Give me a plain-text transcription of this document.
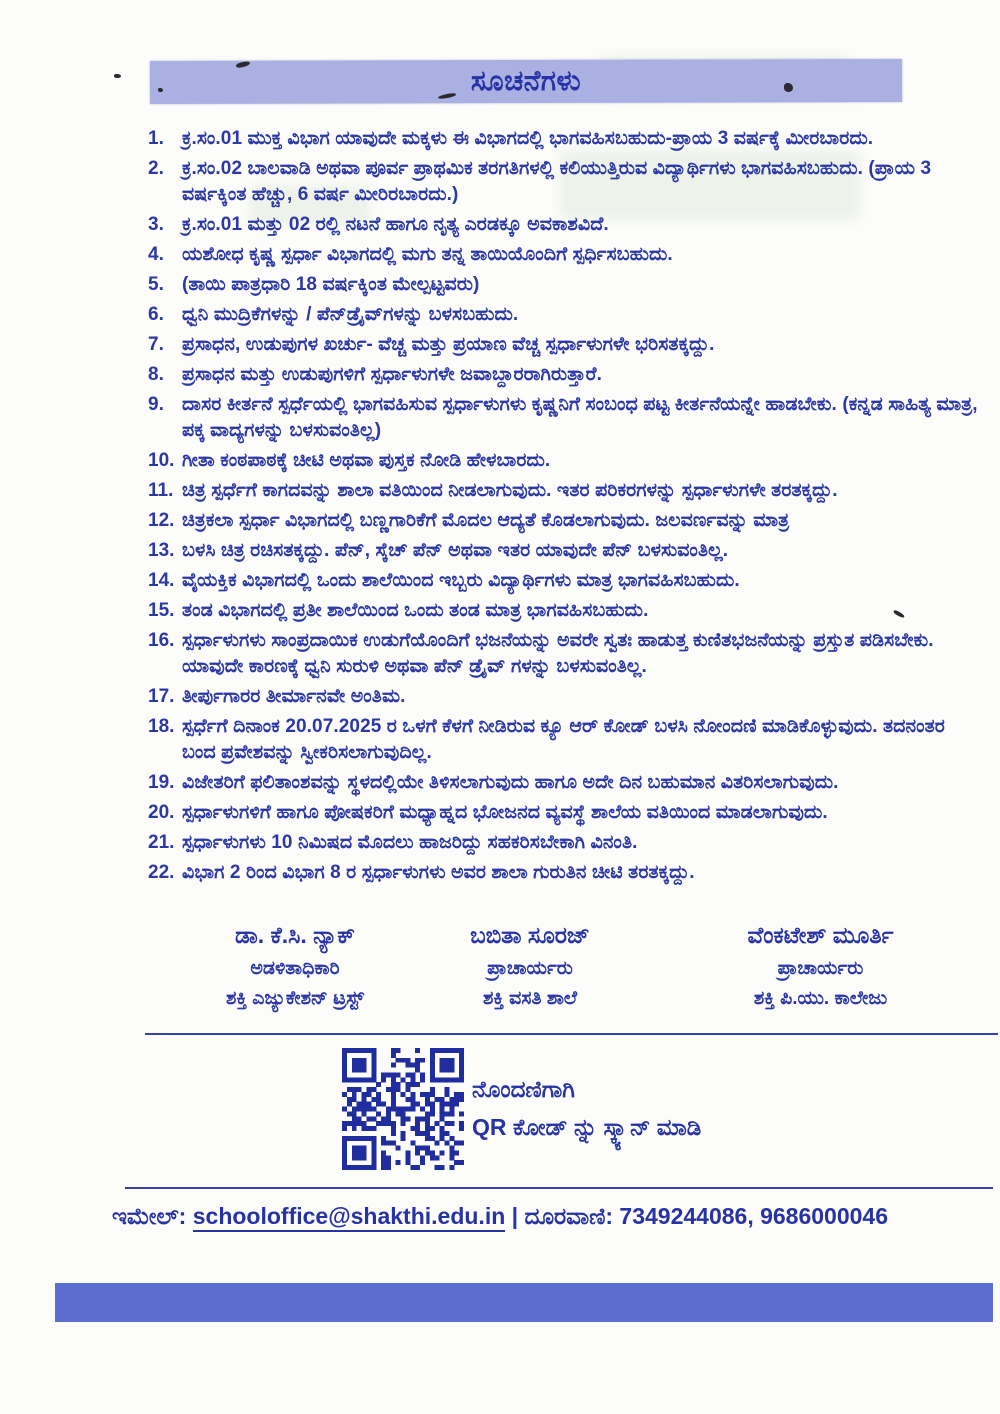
ಸೂಚನೆಗಳು
1. ಕ್ರ.ಸಂ.01 ಮುಕ್ತ ವಿಭಾಗ ಯಾವುದೇ ಮಕ್ಕಳು ಈ ವಿಭಾಗದಲ್ಲಿ ಭಾಗವಹಿಸಬಹುದು-ಪ್ರಾಯ 3 ವರ್ಷಕ್ಕೆ ಮೀರಬಾರದು.
2. ಕ್ರ.ಸಂ.02 ಬಾಲವಾಡಿ ಅಥವಾ ಪೂರ್ವ ಪ್ರಾಥಮಿಕ ತರಗತಿಗಳಲ್ಲಿ ಕಲಿಯುತ್ತಿರುವ ವಿದ್ಯಾರ್ಥಿಗಳು ಭಾಗವಹಿಸಬಹುದು. (ಪ್ರಾಯ 3 ವರ್ಷಕ್ಕಿಂತ ಹೆಚ್ಚು, 6 ವರ್ಷ ಮೀರಿರಬಾರದು.)
3. ಕ್ರ.ಸಂ.01 ಮತ್ತು 02 ರಲ್ಲಿ ನಟನೆ ಹಾಗೂ ನೃತ್ಯ ಎರಡಕ್ಕೂ ಅವಕಾಶವಿದೆ.
4. ಯಶೋಧ ಕೃಷ್ಣ ಸ್ಪರ್ಧಾ ವಿಭಾಗದಲ್ಲಿ ಮಗು ತನ್ನ ತಾಯಿಯೊಂದಿಗೆ ಸ್ಪರ್ಧಿಸಬಹುದು.
5. (ತಾಯಿ ಪಾತ್ರಧಾರಿ 18 ವರ್ಷಕ್ಕಿಂತ ಮೇಲ್ಪಟ್ಟವರು)
6. ಧ್ವನಿ ಮುದ್ರಿಕೆಗಳನ್ನು / ಪೆನ್‌ಡ್ರೈವ್‌ಗಳನ್ನು ಬಳಸಬಹುದು.
7. ಪ್ರಸಾಧನ, ಉಡುಪುಗಳ ಖರ್ಚು- ವೆಚ್ಚ ಮತ್ತು ಪ್ರಯಾಣ ವೆಚ್ಚ ಸ್ಪರ್ಧಾಳುಗಳೇ ಭರಿಸತಕ್ಕದ್ದು.
8. ಪ್ರಸಾಧನ ಮತ್ತು ಉಡುಪುಗಳಿಗೆ ಸ್ಪರ್ಧಾಳುಗಳೇ ಜವಾಬ್ದಾರರಾಗಿರುತ್ತಾರೆ.
9. ದಾಸರ ಕೀರ್ತನೆ ಸ್ಪರ್ಧೆಯಲ್ಲಿ ಭಾಗವಹಿಸುವ ಸ್ಪರ್ಧಾಳುಗಳು ಕೃಷ್ಣನಿಗೆ ಸಂಬಂಧ ಪಟ್ಟ ಕೀರ್ತನೆಯನ್ನೇ ಹಾಡಬೇಕು. (ಕನ್ನಡ ಸಾಹಿತ್ಯ ಮಾತ್ರ, ಪಕ್ಕ ವಾದ್ಯಗಳನ್ನು ಬಳಸುವಂತಿಲ್ಲ)
10. ಗೀತಾ ಕಂಠಪಾಠಕ್ಕೆ ಚೀಟಿ ಅಥವಾ ಪುಸ್ತಕ ನೋಡಿ ಹೇಳಬಾರದು.
11. ಚಿತ್ರ ಸ್ಪರ್ಧೆಗೆ ಕಾಗದವನ್ನು ಶಾಲಾ ವತಿಯಿಂದ ನೀಡಲಾಗುವುದು. ಇತರ ಪರಿಕರಗಳನ್ನು ಸ್ಪರ್ಧಾಳುಗಳೇ ತರತಕ್ಕದ್ದು.
12. ಚಿತ್ರಕಲಾ ಸ್ಪರ್ಧಾ ವಿಭಾಗದಲ್ಲಿ ಬಣ್ಣಗಾರಿಕೆಗೆ ಮೊದಲ ಆದ್ಯತೆ ಕೊಡಲಾಗುವುದು. ಜಲವರ್ಣವನ್ನು ಮಾತ್ರ
13. ಬಳಸಿ ಚಿತ್ರ ರಚಿಸತಕ್ಕದ್ದು. ಪೆನ್, ಸ್ಕೆಚ್ ಪೆನ್ ಅಥವಾ ಇತರ ಯಾವುದೇ ಪೆನ್ ಬಳಸುವಂತಿಲ್ಲ.
14. ವೈಯಕ್ತಿಕ ವಿಭಾಗದಲ್ಲಿ ಒಂದು ಶಾಲೆಯಿಂದ ಇಬ್ಬರು ವಿದ್ಯಾರ್ಥಿಗಳು ಮಾತ್ರ ಭಾಗವಹಿಸಬಹುದು.
15. ತಂಡ ವಿಭಾಗದಲ್ಲಿ ಪ್ರತೀ ಶಾಲೆಯಿಂದ ಒಂದು ತಂಡ ಮಾತ್ರ ಭಾಗವಹಿಸಬಹುದು.
16. ಸ್ಪರ್ಧಾಳುಗಳು ಸಾಂಪ್ರದಾಯಿಕ ಉಡುಗೆಯೊಂದಿಗೆ ಭಜನೆಯನ್ನು ಅವರೇ ಸ್ವತಃ ಹಾಡುತ್ತ ಕುಣಿತಭಜನೆಯನ್ನು ಪ್ರಸ್ತುತ ಪಡಿಸಬೇಕು. ಯಾವುದೇ ಕಾರಣಕ್ಕೆ ಧ್ವನಿ ಸುರುಳಿ ಅಥವಾ ಪೆನ್ ಡ್ರೈವ್ ಗಳನ್ನು ಬಳಸುವಂತಿಲ್ಲ.
17. ತೀರ್ಪುಗಾರರ ತೀರ್ಮಾನವೇ ಅಂತಿಮ.
18. ಸ್ಪರ್ಧೆಗೆ ದಿನಾಂಕ 20.07.2025 ರ ಒಳಗೆ ಕೆಳಗೆ ನೀಡಿರುವ ಕ್ಯೂ ಆರ್ ಕೋಡ್ ಬಳಸಿ ನೋಂದಣಿ ಮಾಡಿಕೊಳ್ಳುವುದು. ತದನಂತರ ಬಂದ ಪ್ರವೇಶವನ್ನು ಸ್ವೀಕರಿಸಲಾಗುವುದಿಲ್ಲ.
19. ವಿಜೇತರಿಗೆ ಫಲಿತಾಂಶವನ್ನು ಸ್ಥಳದಲ್ಲಿಯೇ ತಿಳಿಸಲಾಗುವುದು ಹಾಗೂ ಅದೇ ದಿನ ಬಹುಮಾನ ವಿತರಿಸಲಾಗುವುದು.
20. ಸ್ಪರ್ಧಾಳುಗಳಿಗೆ ಹಾಗೂ ಪೋಷಕರಿಗೆ ಮಧ್ಯಾಹ್ನದ ಭೋಜನದ ವ್ಯವಸ್ಥೆ ಶಾಲೆಯ ವತಿಯಿಂದ ಮಾಡಲಾಗುವುದು.
21. ಸ್ಪರ್ಧಾಳುಗಳು 10 ನಿಮಿಷದ ಮೊದಲು ಹಾಜರಿದ್ದು ಸಹಕರಿಸಬೇಕಾಗಿ ವಿನಂತಿ.
22. ವಿಭಾಗ 2 ರಿಂದ ವಿಭಾಗ 8 ರ ಸ್ಪರ್ಧಾಳುಗಳು ಅವರ ಶಾಲಾ ಗುರುತಿನ ಚೀಟಿ ತರತಕ್ಕದ್ದು.
ಡಾ. ಕೆ.ಸಿ. ನ್ಯಾಕ್
ಅಡಳಿತಾಧಿಕಾರಿ
ಶಕ್ತಿ ಎಜ್ಯುಕೇಶನ್ ಟ್ರಸ್ಟ್
ಬಬಿತಾ ಸೂರಜ್
ಪ್ರಾಚಾರ್ಯರು
ಶಕ್ತಿ ವಸತಿ ಶಾಲೆ
ವೆಂಕಟೇಶ್ ಮೂರ್ತಿ
ಪ್ರಾಚಾರ್ಯರು
ಶಕ್ತಿ ಪಿ.ಯು. ಕಾಲೇಜು
ನೊಂದಣಿಗಾಗಿ
QR ಕೋಡ್ ನ್ನು ಸ್ಕ್ಯಾನ್ ಮಾಡಿ
ಇಮೇಲ್: schooloffice@shakthi.edu.in | ದೂರವಾಣಿ: 7349244086, 9686000046
